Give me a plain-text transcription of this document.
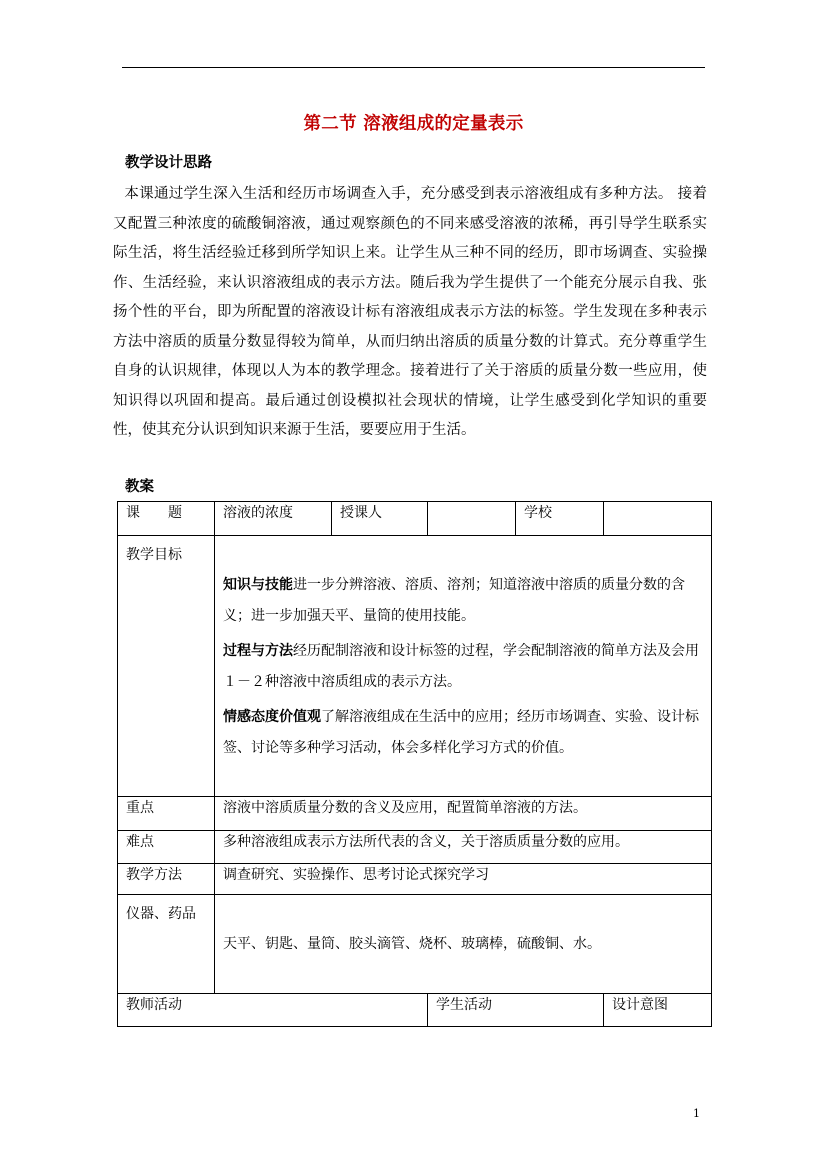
第二节 溶液组成的定量表示
教学设计思路
本课通过学生深入生活和经历市场调查入手，充分感受到表示溶液组成有多种方法。 接着又配置三种浓度的硫酸铜溶液，通过观察颜色的不同来感受溶液的浓稀，再引导学生联系实际生活，将生活经验迁移到所学知识上来。让学生从三种不同的经历，即市场调查、实验操作、生活经验，来认识溶液组成的表示方法。随后我为学生提供了一个能充分展示自我、张扬个性的平台，即为所配置的溶液设计标有溶液组成表示方法的标签。学生发现在多种表示方法中溶质的质量分数显得较为简单，从而归纳出溶质的质量分数的计算式。充分尊重学生自身的认识规律，体现以人为本的教学理念。接着进行了关于溶质的质量分数一些应用，使知识得以巩固和提高。最后通过创设模拟社会现状的情境，让学生感受到化学知识的重要性，使其充分认识到知识来源于生活，要要应用于生活。
教案
课　　题	溶液的浓度	授课人		学校	
教学目标	知识与技能进一步分辨溶液、溶质、溶剂；知道溶液中溶质的质量分数的含义；进一步加强天平、量筒的使用技能。
过程与方法经历配制溶液和设计标签的过程，学会配制溶液的简单方法及会用１－２种溶液中溶质组成的表示方法。
情感态度价值观了解溶液组成在生活中的应用；经历市场调查、实验、设计标签、讨论等多种学习活动，体会多样化学习方式的价值。				

重点	溶液中溶质质量分数的含义及应用，配置简单溶液的方法。				
难点	多种溶液组成表示方法所代表的含义，关于溶质质量分数的应用。				
教学方法	调查研究、实验操作、思考讨论式探究学习				
仪器、药品	天平、钥匙、量筒、胶头滴管、烧杯、玻璃棒，硫酸铜、水。				
教师活动			学生活动		设计意图
1
